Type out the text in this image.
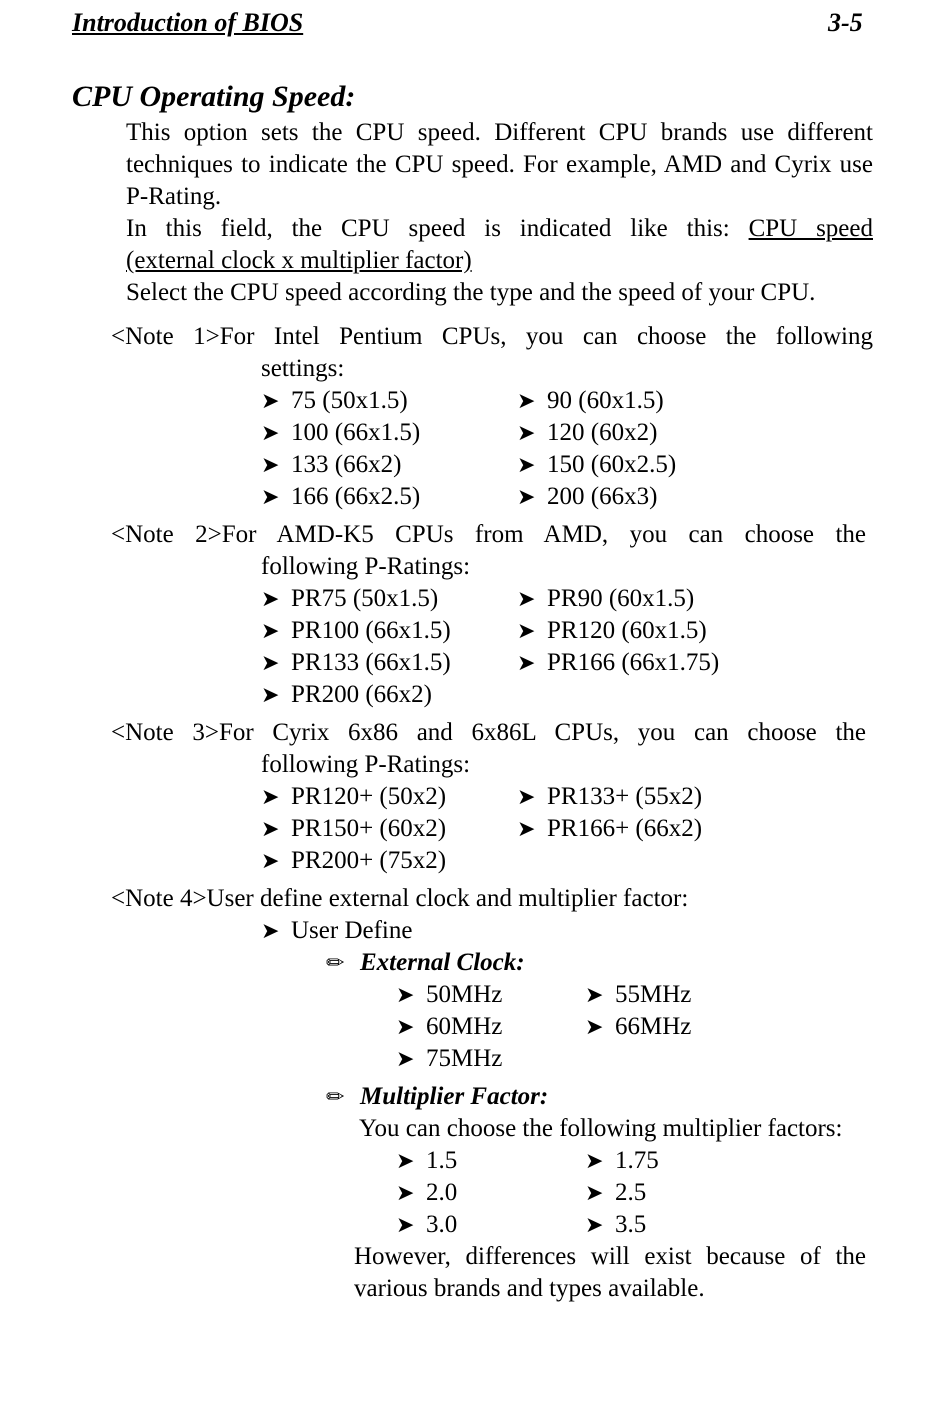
Introduction of BIOS	3-5
CPU Operating Speed:

This option sets the CPU speed. Different CPU brands use different techniques to indicate the CPU speed. For example, AMD and Cyrix use P-Rating.

In this field, the CPU speed is indicated like this: CPU speed
(external clock x multiplier factor)
Select the CPU speed according the type and the speed of your CPU.
<Note 1>For Intel Pentium CPUs, you can choose the following
settings:
➤ 75 (50x1.5)	➤ 90 (60x1.5)
➤ 100 (66x1.5)	➤ 120 (60x2)
➤ 133 (66x2)	➤ 150 (60x2.5)
➤ 166 (66x2.5)	➤ 200 (66x3)
<Note 2>For AMD-K5 CPUs from AMD, you can choose the
following P-Ratings:
➤ PR75 (50x1.5)	➤ PR90 (60x1.5)
➤ PR100 (66x1.5)	➤ PR120 (60x1.5)
➤ PR133 (66x1.5)	➤ PR166 (66x1.75)
➤ PR200 (66x2)
<Note 3>For Cyrix 6x86 and 6x86L CPUs, you can choose the
following P-Ratings:
➤ PR120+ (50x2)	➤ PR133+ (55x2)
➤ PR150+ (60x2)	➤ PR166+ (66x2)
➤ PR200+ (75x2)
<Note 4>User define external clock and multiplier factor:
➤ User Define
✏ External Clock:
➤ 50MHz	➤ 55MHz
➤ 60MHz	➤ 66MHz
➤ 75MHz
✏ Multiplier Factor:
You can choose the following multiplier factors:
➤ 1.5	➤ 1.75
➤ 2.0	➤ 2.5
➤ 3.0	➤ 3.5
However, differences will exist because of the
various brands and types available.
